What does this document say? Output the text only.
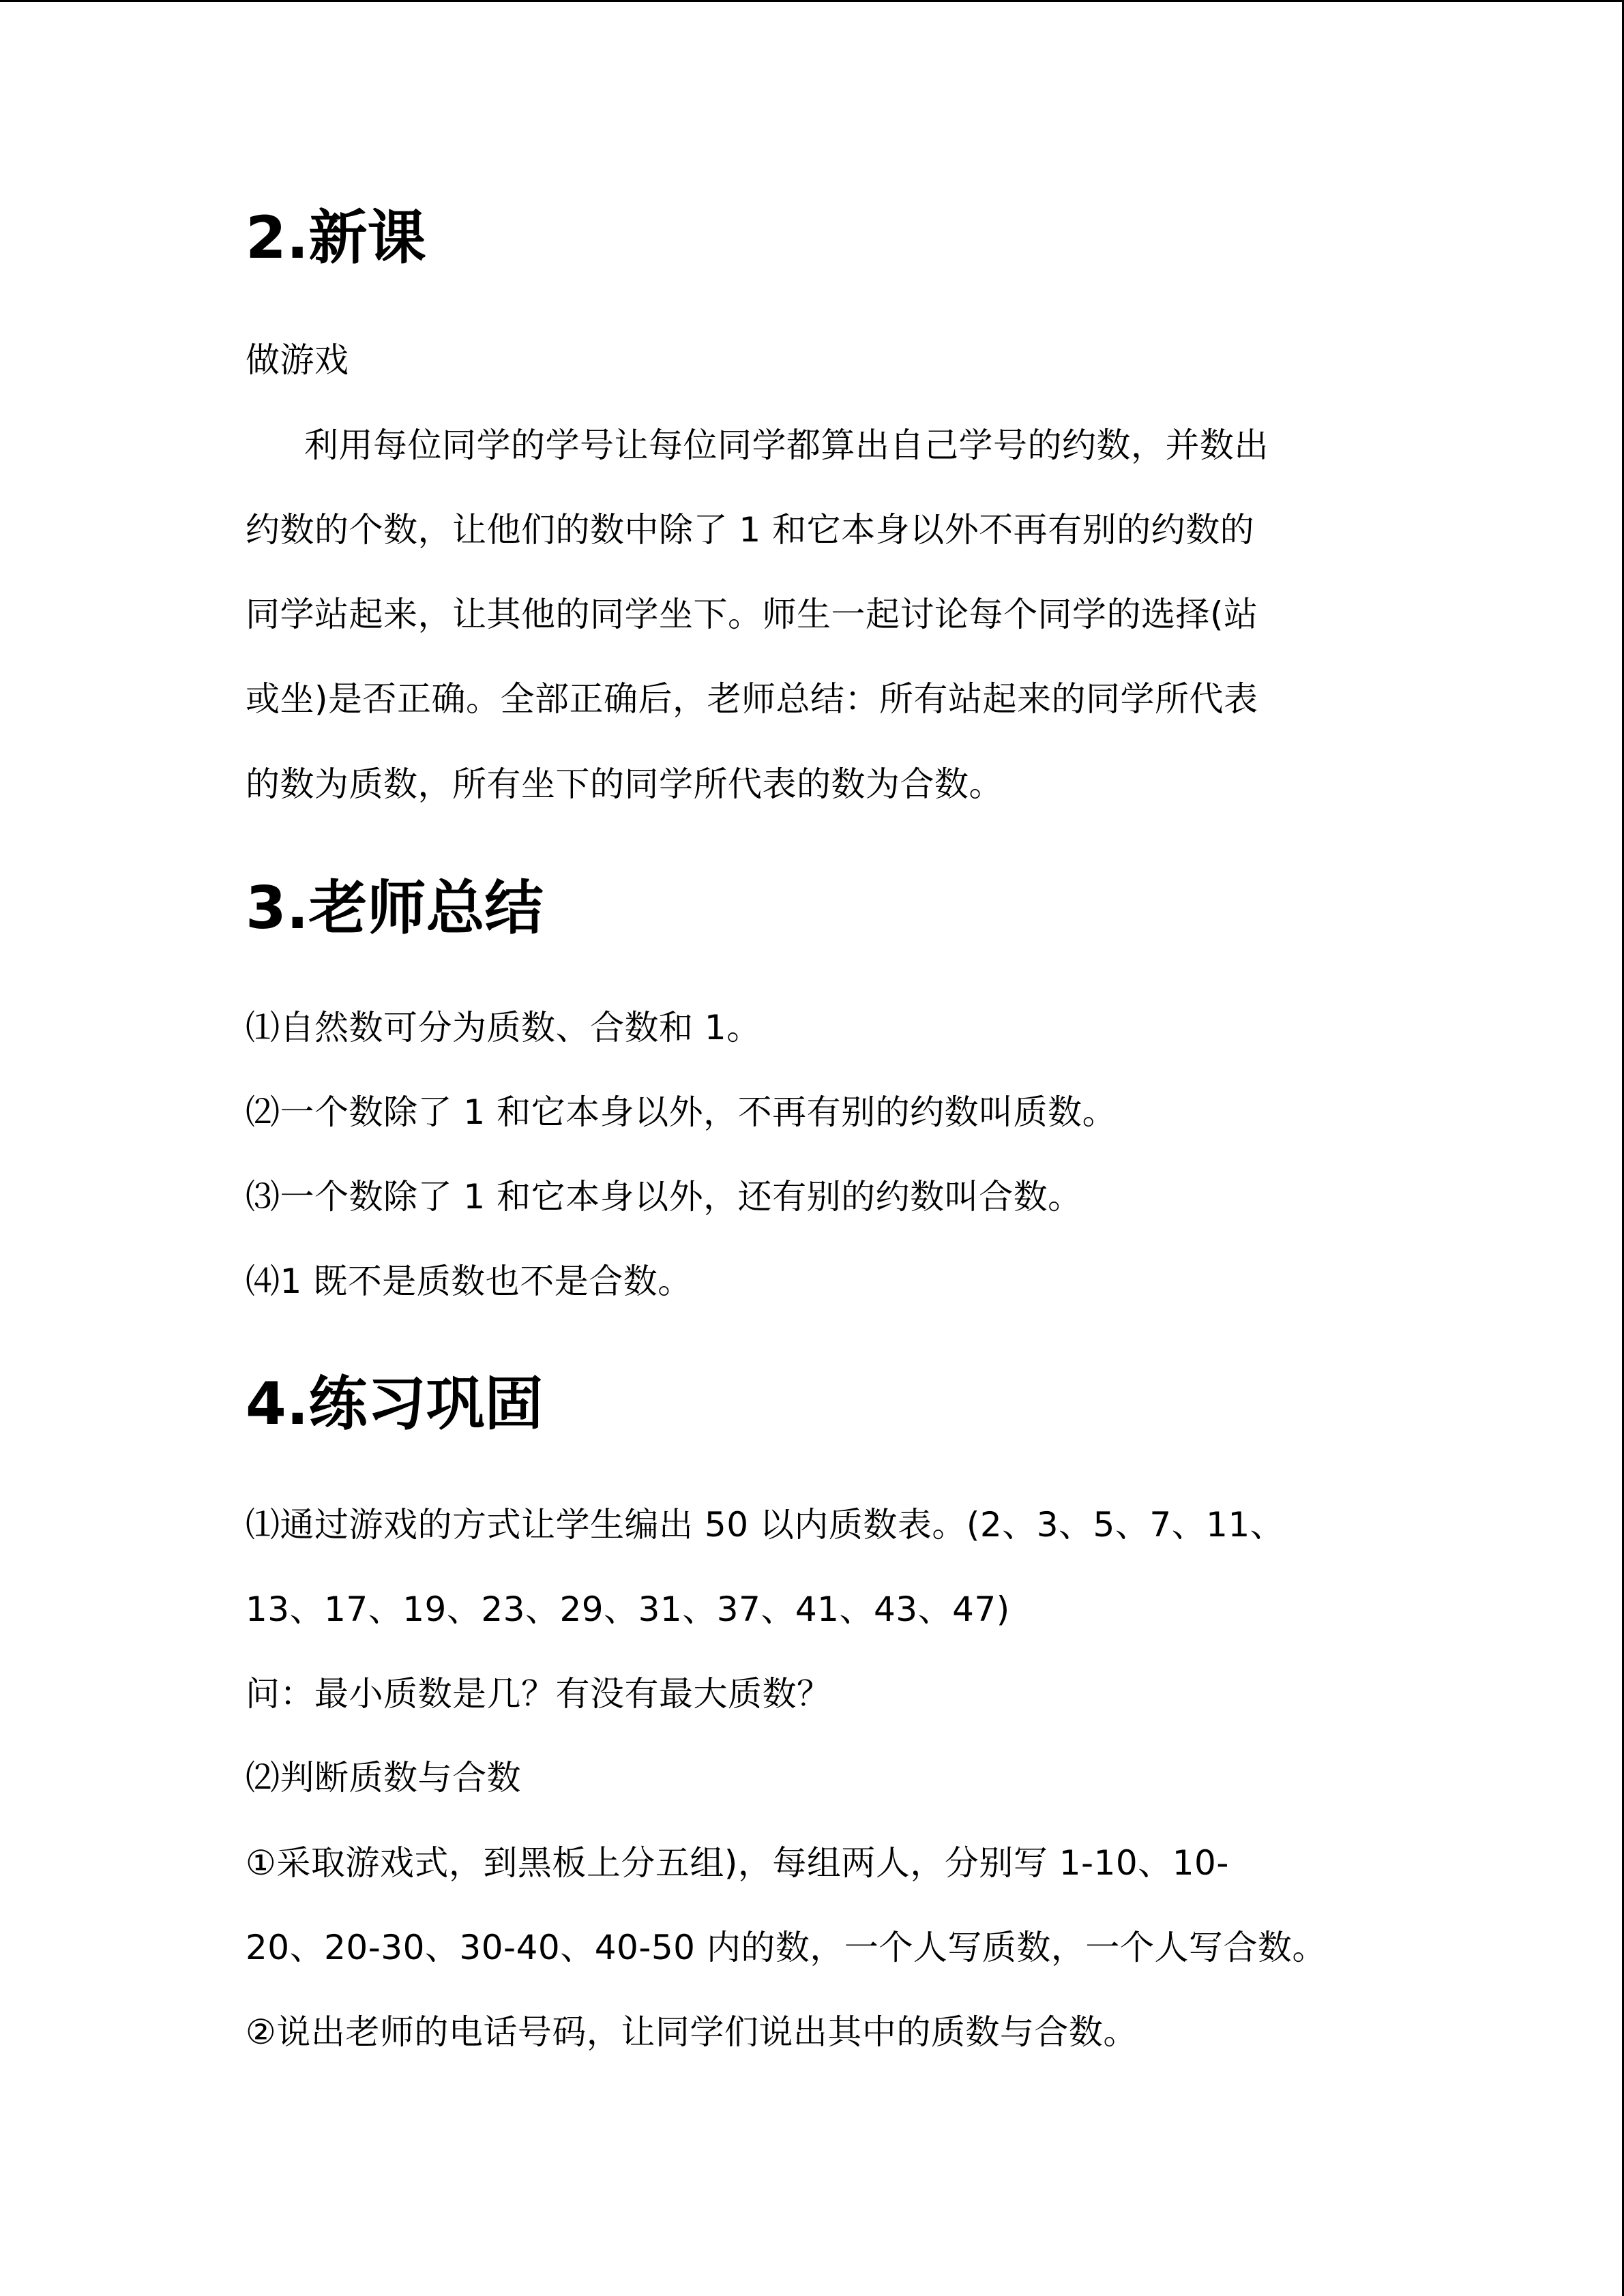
2.新课
做游戏
利用每位同学的学号让每位同学都算出自己学号的约数，并数出
约数的个数，让他们的数中除了 1 和它本身以外不再有别的约数的
同学站起来，让其他的同学坐下。师生一起讨论每个同学的选择(站
或坐)是否正确。全部正确后，老师总结：所有站起来的同学所代表
的数为质数，所有坐下的同学所代表的数为合数。
3.老师总结
⑴自然数可分为质数、合数和 1。
⑵一个数除了 1 和它本身以外，不再有别的约数叫质数。
⑶一个数除了 1 和它本身以外，还有别的约数叫合数。
⑷1 既不是质数也不是合数。
4.练习巩固
⑴通过游戏的方式让学生编出 50 以内质数表。(2、3、5、7、11、
13、17、19、23、29、31、37、41、43、47)
问：最小质数是几？有没有最大质数？
⑵判断质数与合数
①采取游戏式，到黑板上分五组)，每组两人，分别写 1-10、10-
20、20-30、30-40、40-50 内的数，一个人写质数，一个人写合数。
②说出老师的电话号码，让同学们说出其中的质数与合数。
